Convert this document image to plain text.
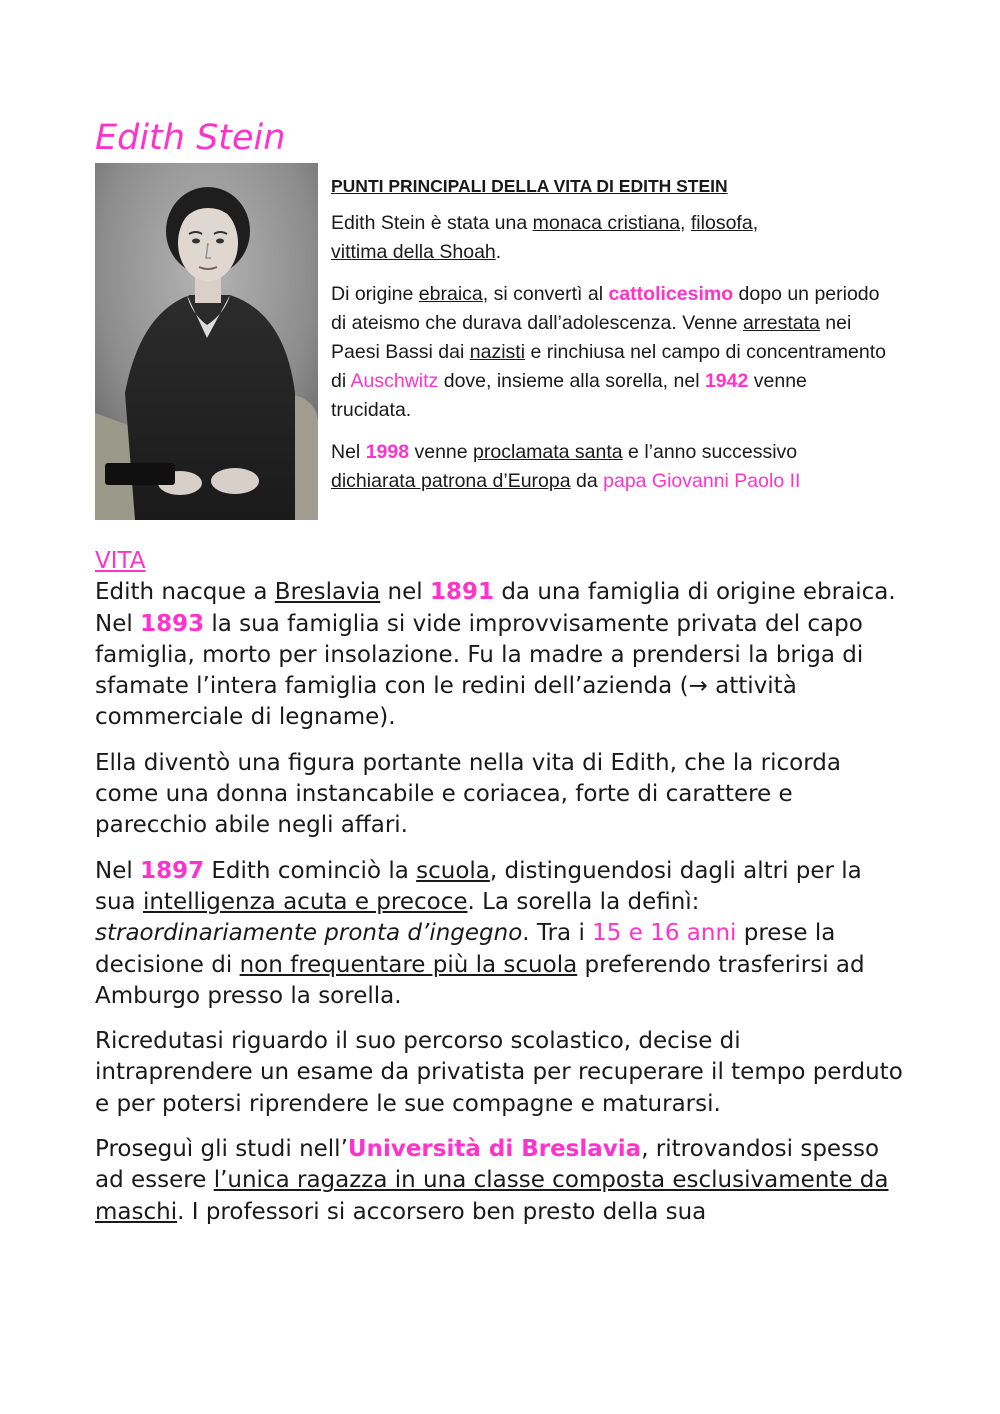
Edith Stein

PUNTI PRINCIPALI DELLA VITA DI EDITH STEIN

Edith Stein è stata una monaca cristiana, filosofa,
vittima della Shoah.

Di origine ebraica, si convertì al cattolicesimo dopo un periodo di ateismo che durava dall’adolescenza. Venne arrestata nei Paesi Bassi dai nazisti e rinchiusa nel campo di concentramento di Auschwitz dove, insieme alla sorella, nel 1942 venne trucidata.

Nel 1998 venne proclamata santa e l’anno successivo
dichiarata patrona d’Europa da papa Giovanni Paolo II

VITA
Edith nacque a Breslavia nel 1891 da una famiglia di origine ebraica.
Nel 1893 la sua famiglia si vide improvvisamente privata del capo famiglia, morto per insolazione. Fu la madre a prendersi la briga di sfamate l’intera famiglia con le redini dell’azienda (→ attività commerciale di legname).

Ella diventò una figura portante nella vita di Edith, che la ricorda come una donna instancabile e coriacea, forte di carattere e parecchio abile negli affari.

Nel 1897 Edith cominciò la scuola, distinguendosi dagli altri per la sua intelligenza acuta e precoce. La sorella la definì: straordinariamente pronta d’ingegno. Tra i 15 e 16 anni prese la decisione di non frequentare più la scuola preferendo trasferirsi ad Amburgo presso la sorella.

Ricredutasi riguardo il suo percorso scolastico, decise di intraprendere un esame da privatista per recuperare il tempo perduto e per potersi riprendere le sue compagne e maturarsi.

Proseguì gli studi nell’Università di Breslavia, ritrovandosi spesso ad essere l’unica ragazza in una classe composta esclusivamente da maschi. I professori si accorsero ben presto della sua
